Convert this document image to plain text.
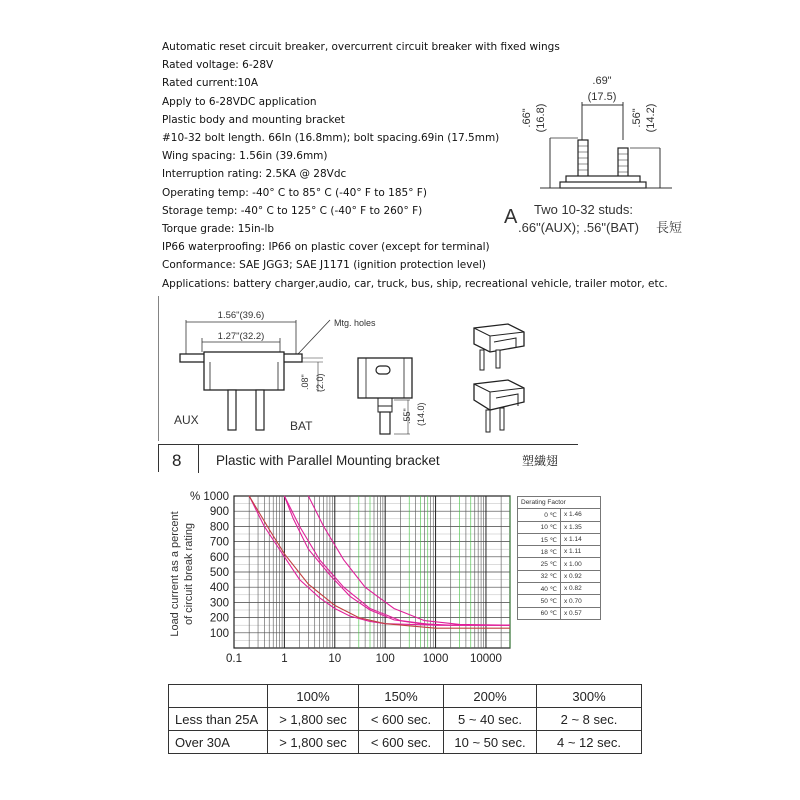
Automatic reset circuit breaker, overcurrent circuit breaker with fixed wings
Rated voltage: 6-28V
Rated current:10A
Apply to 6-28VDC application
Plastic body and mounting bracket
#10-32 bolt length. 66In (16.8mm); bolt spacing.69in (17.5mm)
Wing spacing: 1.56in (39.6mm)
Interruption rating: 2.5KA @ 28Vdc
Operating temp: -40° C to 85° C (-40° F to 185° F)
Storage temp: -40° C to 125° C (-40° F to 260° F)
Torque grade: 15in-lb
IP66 waterproofing: IP66 on plastic cover (except for terminal)
Conformance: SAE JGG3; SAE J1171 (ignition protection level)
Applications: battery charger,audio, car, truck, bus, ship, recreational vehicle, trailer motor, etc.
.69"
(17.5)
.66" (16.8)	.56" (14.2)
A Two 10-32 studs:
.66"(AUX); .56"(BAT) 長短
1.56"(39.6)
1.27"(32.2)
Mtg. holes
.08" (2.0)
AUX	BAT
.55" (14.0)
8	Plastic with Parallel Mounting bracket	塑繊翅
100
200
300
400
500
600
700
800
900
% 1000
0.1	1	10	100 1000 10000
Load current as a percent of circuit break rating
Derating Factor	
0 ℃	x 1.46
10 ℃	x 1.35
15 ℃	x 1.14
18 ℃	x 1.11
25 ℃	x 1.00
32 ℃	x 0.92
40 ℃	x 0.82
50 ℃	x 0.70
60 ℃	x 0.57
	100%	150%	200%	300%
Less than 25A	> 1,800 sec	< 600 sec.	5 ~ 40 sec.	2 ~ 8 sec.
Over 30A	> 1,800 sec	< 600 sec.	10 ~ 50 sec.	4 ~ 12 sec.
